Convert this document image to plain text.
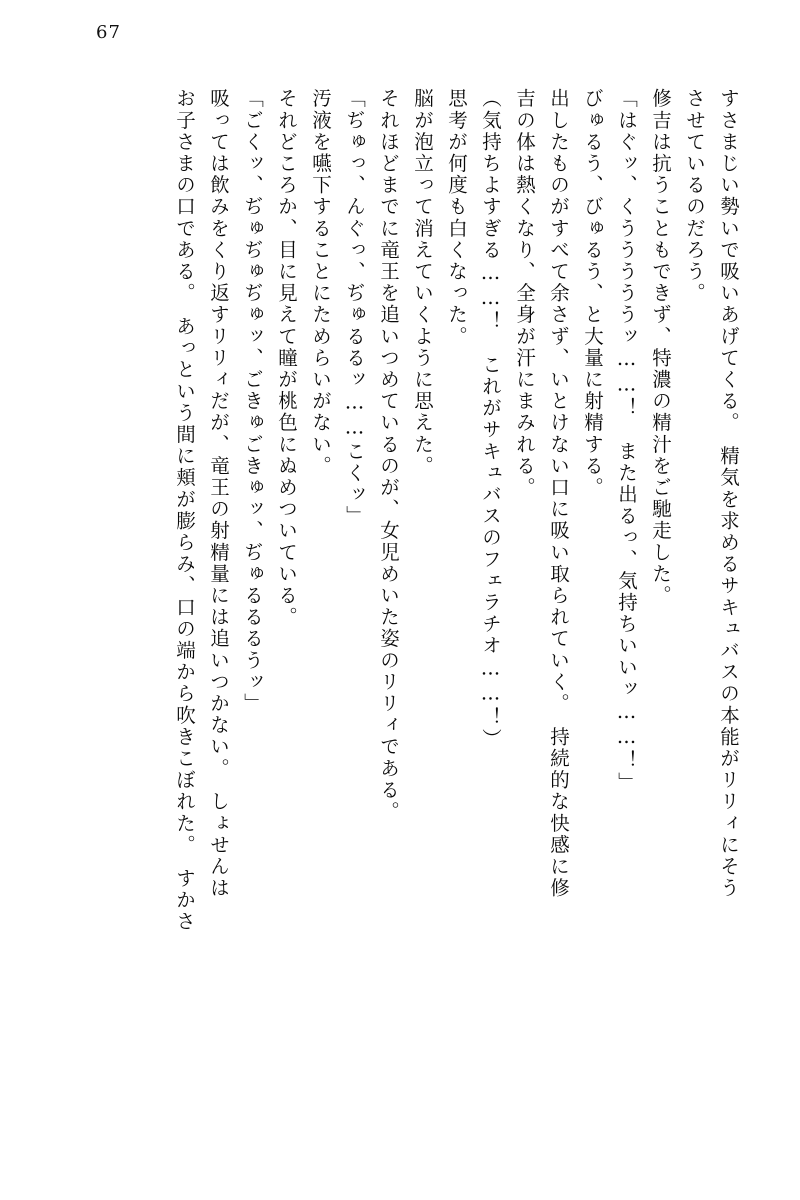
67
すさまじい勢いで吸いあげてくる。　精気を求めるサキュバスの本能がリリィにそう
させているのだろう。
修吉は抗うこともできず、特濃の精汁をご馳走した。
「はぐッ、くうううううッ……！　また出るっ、気持ちいいッ……！」
びゅるう、びゅるう、と大量に射精する。
出したものがすべて余さず、いとけない口に吸い取られていく。　持続的な快感に修
吉の体は熱くなり、全身が汗にまみれる。
（気持ちよすぎる……！　これがサキュバスのフェラチオ……！）
思考が何度も白くなった。
脳が泡立って消えていくように思えた。
それほどまでに竜王を追いつめているのが、女児めいた姿のリリィである。
「ぢゅっ、んぐっ、ぢゅるるッ……こくッ」
汚液を嚥下することにためらいがない。
それどころか、目に見えて瞳が桃色にぬめついている。
「ごくッ、ぢゅぢゅぢゅッ、ごきゅごきゅッ、ぢゅるるるうッ」
吸っては飲みをくり返すリリィだが、竜王の射精量には追いつかない。　しょせんは
お子さまの口である。　あっという間に頬が膨らみ、口の端から吹きこぼれた。　すかさ
